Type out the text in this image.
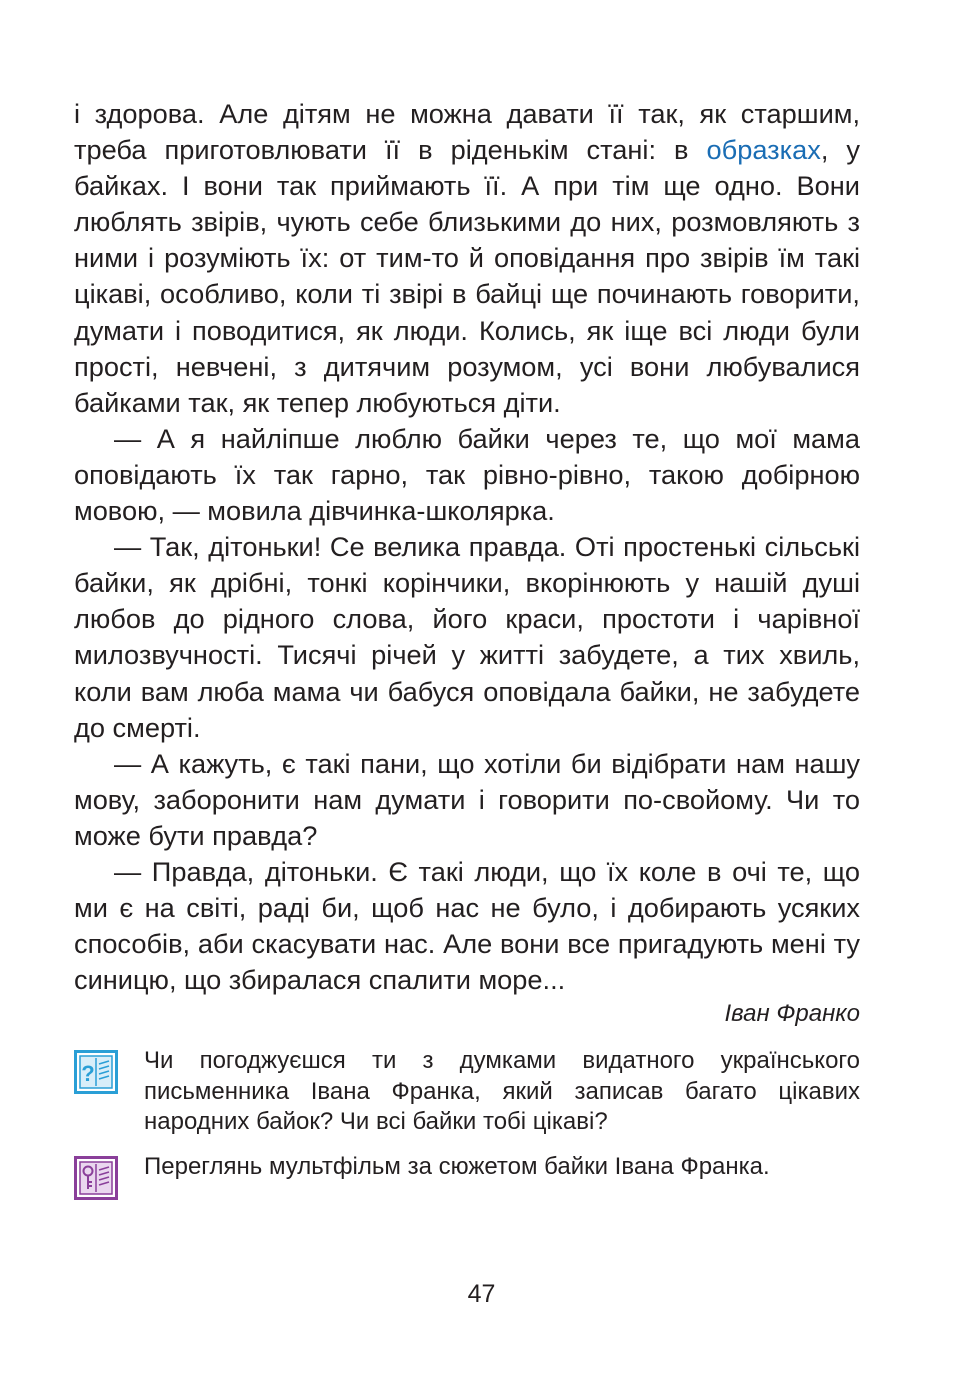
і здорова. Але дітям не можна давати її так, як старшим, треба приготовлювати її в ріденькім стані: в образках, у байках. І вони так приймають її. А при тім ще одно. Вони люблять звірів, чують себе близькими до них, розмовляють з ними і розуміють їх: от тим-то й оповідання про звірів їм такі цікаві, особливо, коли ті звірі в байці ще починають говорити, думати і поводитися, як люди. Колись, як іще всі люди були прості, невчені, з дитячим розумом, усі вони любувалися байками так, як тепер любуються діти.

— А я найліпше люблю байки через те, що мої мама оповідають їх так гарно, так рівно-рівно, такою добірною мовою, — мовила дівчинка-школярка.

— Так, дітоньки! Се велика правда. Оті простенькі сільські байки, як дрібні, тонкі корінчики, вкорінюють у нашій душі любов до рідного слова, його краси, простоти і чарівної милозвучності. Тисячі річей у житті забудете, а тих хвиль, коли вам люба мама чи бабуся оповідала байки, не забудете до смерті.

— А кажуть, є такі пани, що хотіли би відібрати нам нашу мову, заборонити нам думати і говорити по-свойому. Чи то може бути правда?

— Правда, дітоньки. Є такі люди, що їх коле в очі те, що ми є на світі, раді би, щоб нас не було, і добирають усяких способів, аби скасувати нас. Але вони все пригадують мені ту синицю, що збиралася спалити море...

Іван Франко
? Чи погоджуєшся ти з думками видатного українського письменника Івана Франка, який записав багато цікавих народних байок? Чи всі байки тобі цікаві?
Переглянь мультфільм за сюжетом байки Івана Франка.
47
